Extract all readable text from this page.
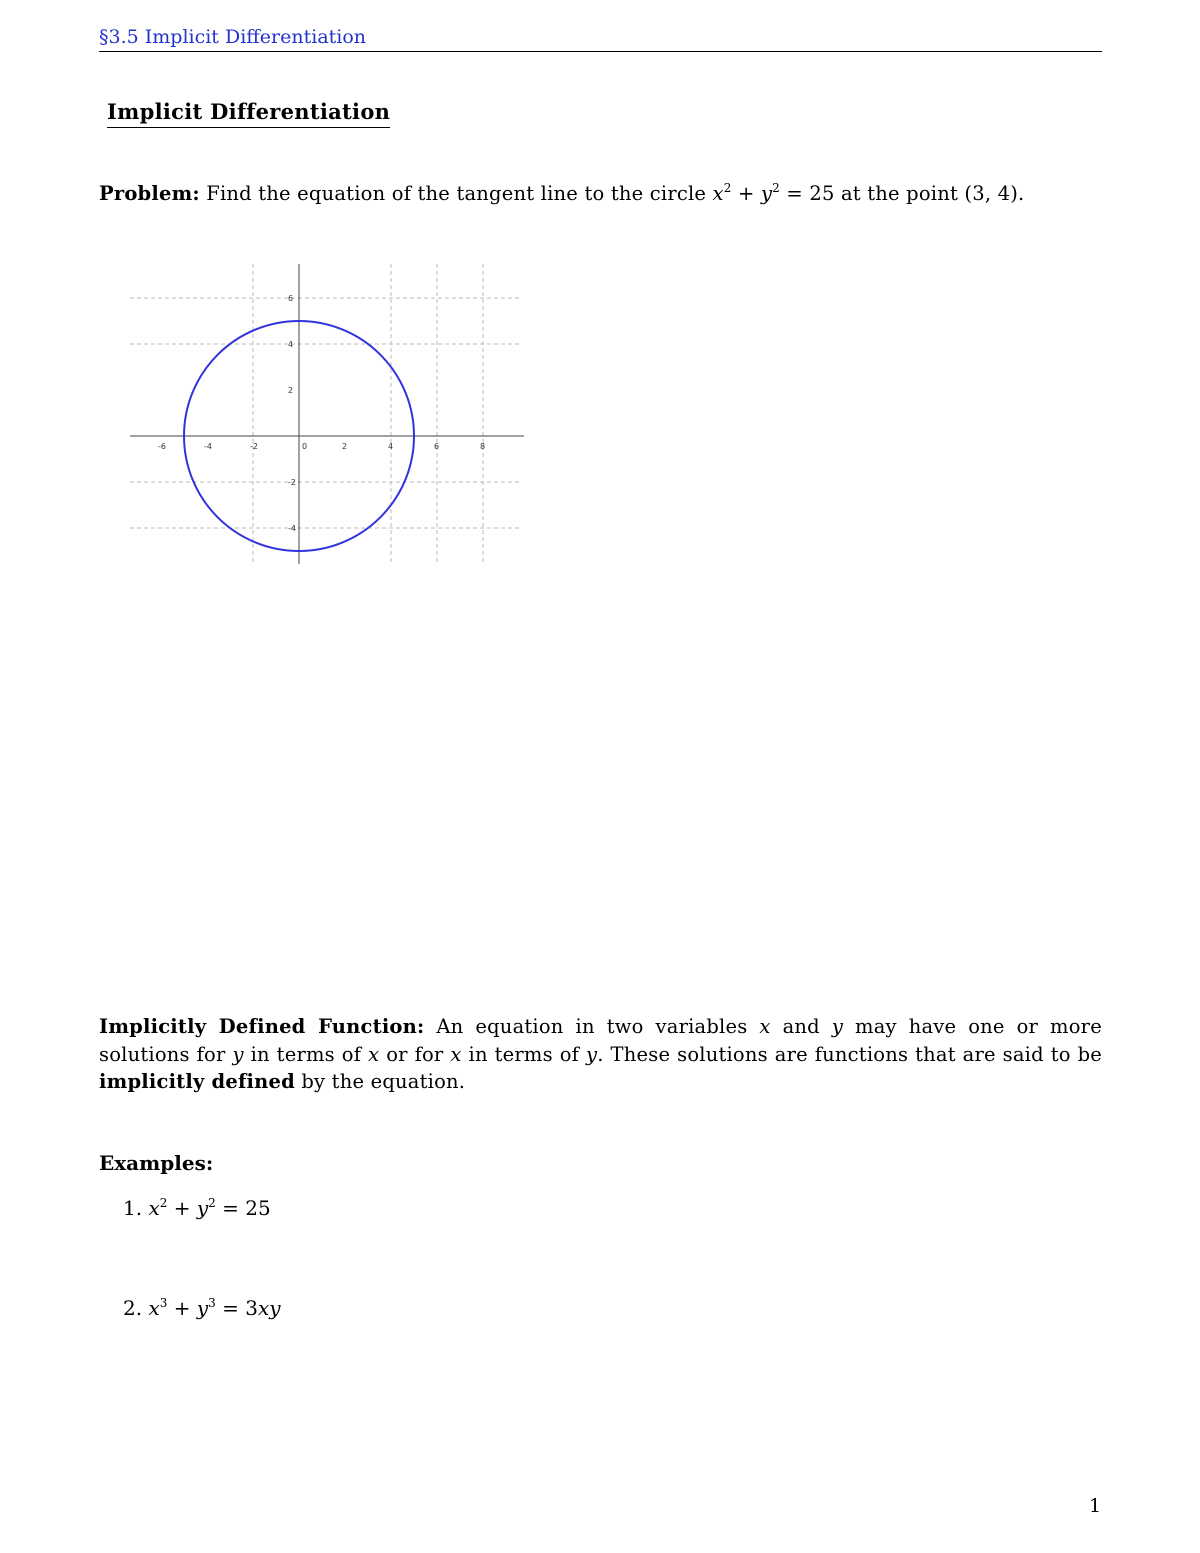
§3.5 Implicit Differentiation
Implicit Differentiation
Problem: Find the equation of the tangent line to the circle $x^2 + y^2 = 25$ at the point (3, 4).
-6	-4	-2	0	2	4	6	8
6
4
2
-2
-4
Implicitly Defined Function: An equation in two variables x and y may have one or more solutions for y in terms of x or for x in terms of y. These solutions are functions that are said to be implicitly defined by the equation.
Examples:
1. $x^2 + y^2 = 25$
2. $x^3 + y^3 = 3xy$
1
